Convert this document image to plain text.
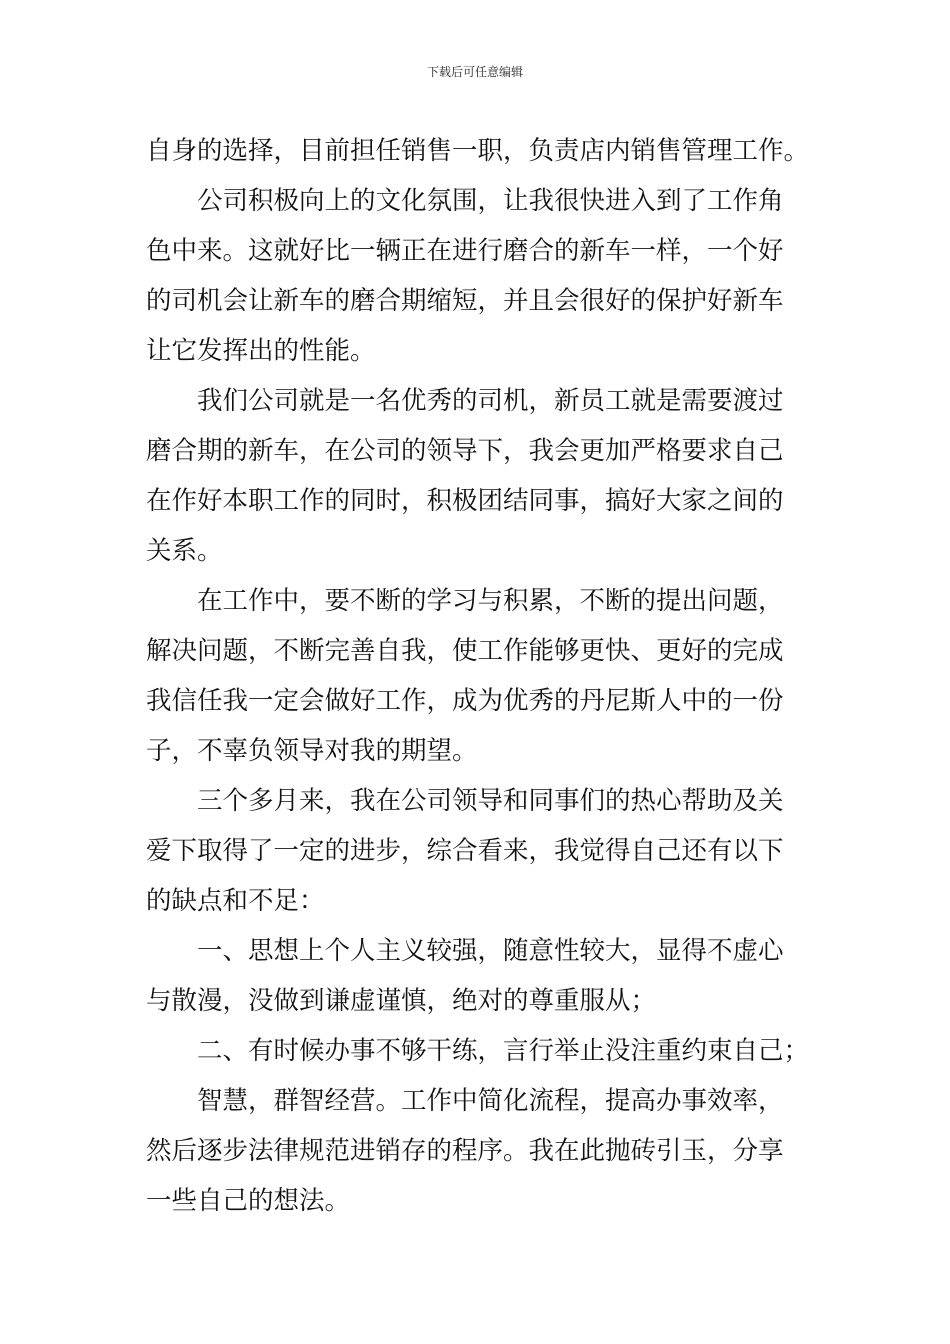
下载后可任意编辑
自身的选择，目前担任销售一职，负责店内销售管理工作。
公司积极向上的文化氛围，让我很快进入到了工作角
色中来。这就好比一辆正在进行磨合的新车一样，一个好
的司机会让新车的磨合期缩短，并且会很好的保护好新车
让它发挥出的性能。
我们公司就是一名优秀的司机，新员工就是需要渡过
磨合期的新车，在公司的领导下，我会更加严格要求自己
在作好本职工作的同时，积极团结同事，搞好大家之间的
关系。
在工作中，要不断的学习与积累，不断的提出问题，
解决问题，不断完善自我，使工作能够更快、更好的完成
我信任我一定会做好工作，成为优秀的丹尼斯人中的一份
子，不辜负领导对我的期望。
三个多月来，我在公司领导和同事们的热心帮助及关
爱下取得了一定的进步，综合看来，我觉得自己还有以下
的缺点和不足：
一、思想上个人主义较强，随意性较大，显得不虚心
与散漫，没做到谦虚谨慎，绝对的尊重服从；
二、有时候办事不够干练，言行举止没注重约束自己；
智慧，群智经营。工作中简化流程，提高办事效率，
然后逐步法律规范进销存的程序。我在此抛砖引玉，分享
一些自己的想法。
